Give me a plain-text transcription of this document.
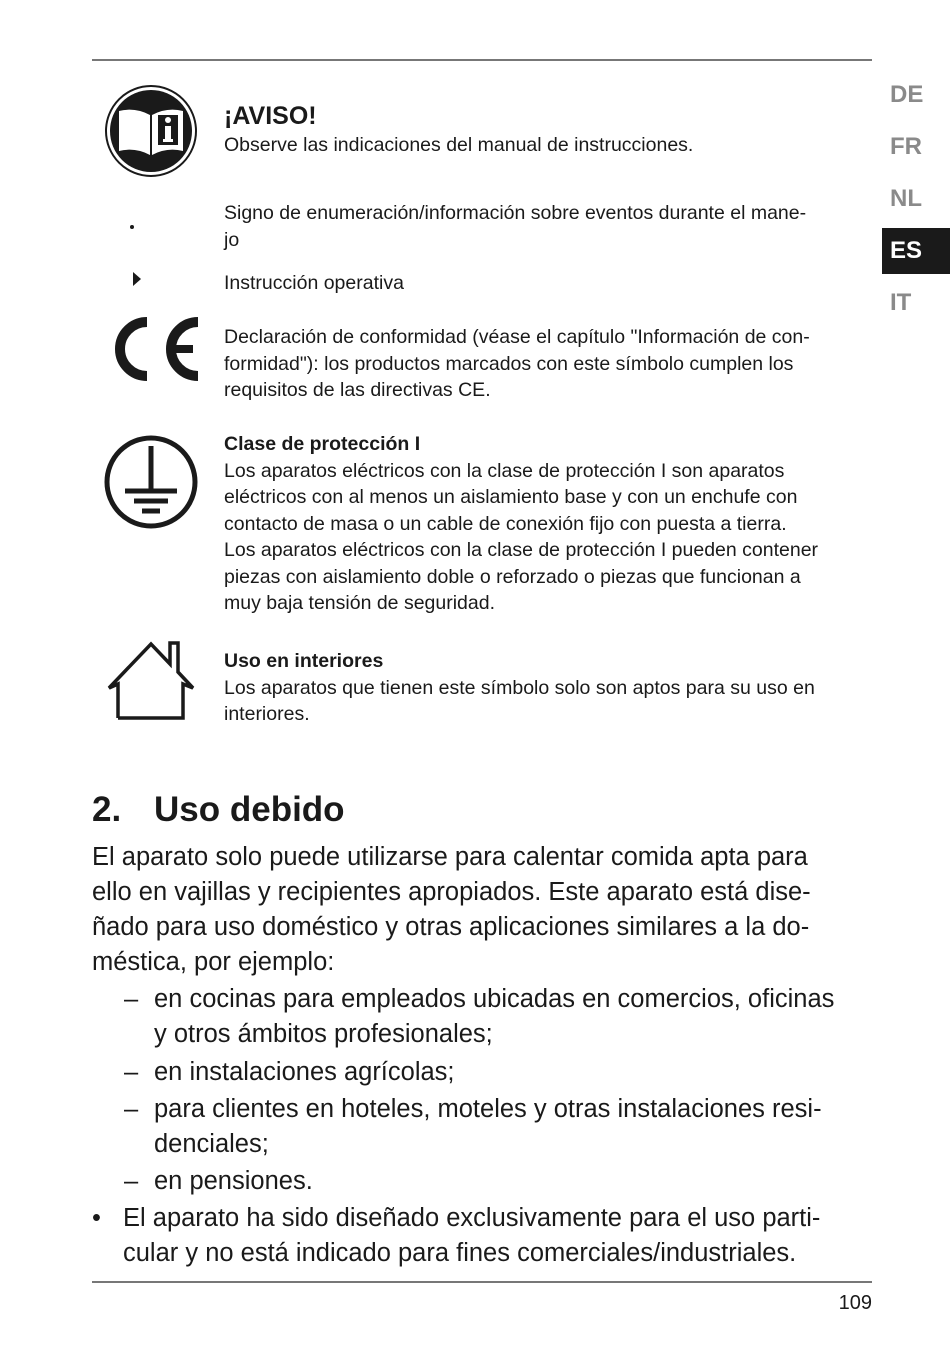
DE
FR
NL
ES
IT
¡AVISO!
Observe las indicaciones del manual de instrucciones.
Signo de enumeración/información sobre eventos durante el mane-
jo
Instrucción operativa
Declaración de conformidad (véase el capítulo "Información de con-
formidad"): los productos marcados con este símbolo cumplen los
requisitos de las directivas CE.
Clase de protección I
Los aparatos eléctricos con la clase de protección I son aparatos
eléctricos con al menos un aislamiento base y con un enchufe con
contacto de masa o un cable de conexión fijo con puesta a tierra.
Los aparatos eléctricos con la clase de protección I pueden contener
piezas con aislamiento doble o reforzado o piezas que funcionan a
muy baja tensión de seguridad.
Uso en interiores
Los aparatos que tienen este símbolo solo son aptos para su uso en
interiores.
2. Uso debido
El aparato solo puede utilizarse para calentar comida apta para
ello en vajillas y recipientes apropiados. Este aparato está dise-
ñado para uso doméstico y otras aplicaciones similares a la do-
méstica, por ejemplo:
– en cocinas para empleados ubicadas en comercios, oficinas
y otros ámbitos profesionales;
– en instalaciones agrícolas;
– para clientes en hoteles, moteles y otras instalaciones resi-
denciales;
– en pensiones.
• El aparato ha sido diseñado exclusivamente para el uso parti-
cular y no está indicado para fines comerciales/industriales.
109
